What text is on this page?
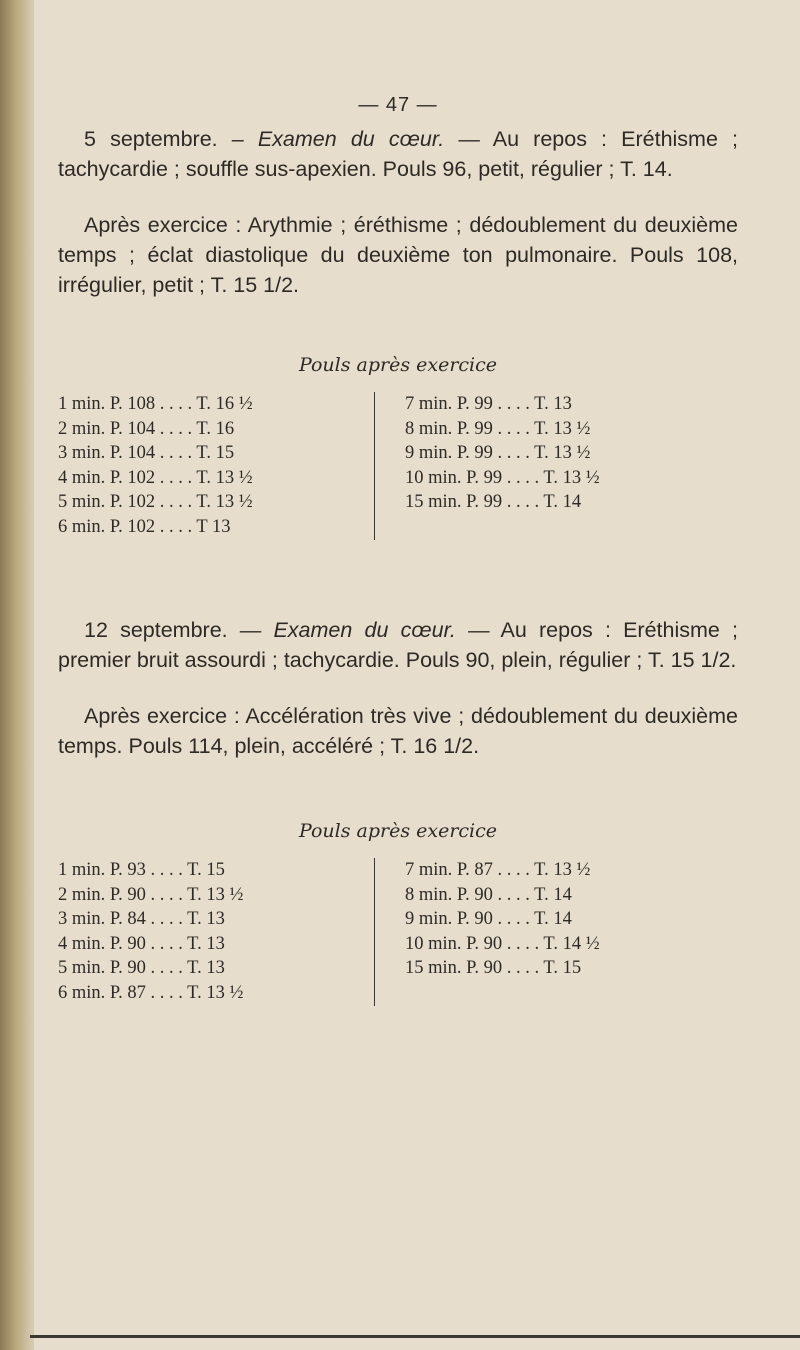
— 47 —

5 septembre. – Examen du cœur. — Au repos : Eréthisme ; tachycardie ; souffle sus-apexien. Pouls 96, petit, régulier ; T. 14.

Après exercice : Arythmie ; éréthisme ; dédoublement du deuxième temps ; éclat diastolique du deuxième ton pulmonaire. Pouls 108, irrégulier, petit ; T. 15 1/2.

Pouls après exercice
1 min. P. 108 . . . . T. 16 ½
2 min. P. 104 . . . . T. 16
3 min. P. 104 . . . . T. 15
4 min. P. 102 . . . . T. 13 ½
5 min. P. 102 . . . . T. 13 ½
6 min. P. 102 . . . . T 13
7 min. P. 99 . . . . T. 13
8 min. P. 99 . . . . T. 13 ½
9 min. P. 99 . . . . T. 13 ½
10 min. P. 99 . . . . T. 13 ½
15 min. P. 99 . . . . T. 14

12 septembre. — Examen du cœur. — Au repos : Eréthisme ; premier bruit assourdi ; tachycardie. Pouls 90, plein, régulier ; T. 15 1/2.

Après exercice : Accélération très vive ; dédoublement du deuxième temps. Pouls 114, plein, accéléré ; T. 16 1/2.

Pouls après exercice
1 min. P. 93 . . . . T. 15
2 min. P. 90 . . . . T. 13 ½
3 min. P. 84 . . . . T. 13
4 min. P. 90 . . . . T. 13
5 min. P. 90 . . . . T. 13
6 min. P. 87 . . . . T. 13 ½
7 min. P. 87 . . . . T. 13 ½
8 min. P. 90 . . . . T. 14
9 min. P. 90 . . . . T. 14
10 min. P. 90 . . . . T. 14 ½
15 min. P. 90 . . . . T. 15
